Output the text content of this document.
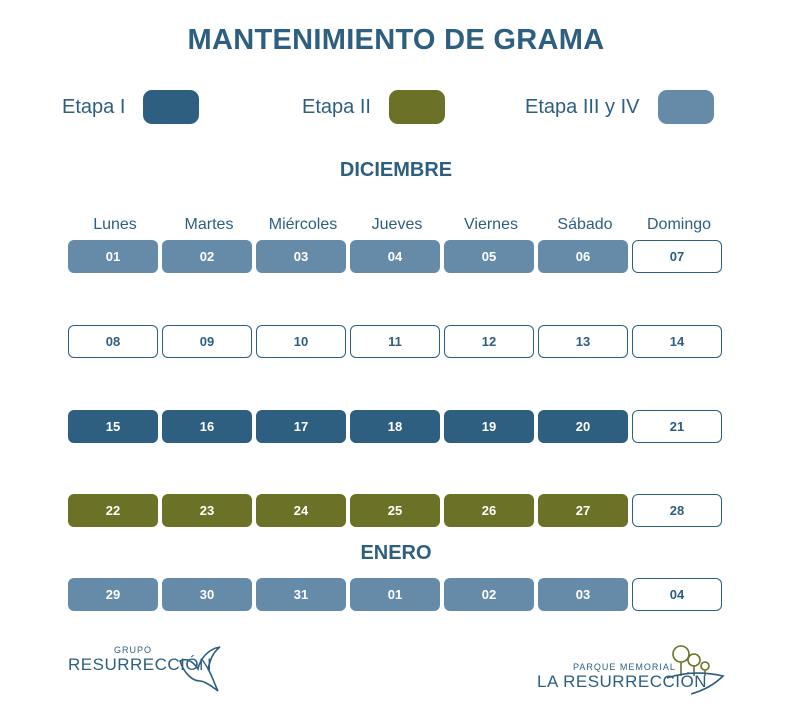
MANTENIMIENTO DE GRAMA
Etapa I	Etapa II	Etapa III y IV
DICIEMBRE
ENERO
Lunes	Martes	Miércoles	Jueves	Viernes	Sábado	Domingo
01	02	03	04	05	06	07
08	09	10	11	12	13	14
15	16	17	18	19	20	21
22	23	24	25	26	27	28
29	30	31	01	02	03	04
GRUPO
RESURRECCIÓN	PARQUE MEMORIAL
LA RESURRECCIÓN
